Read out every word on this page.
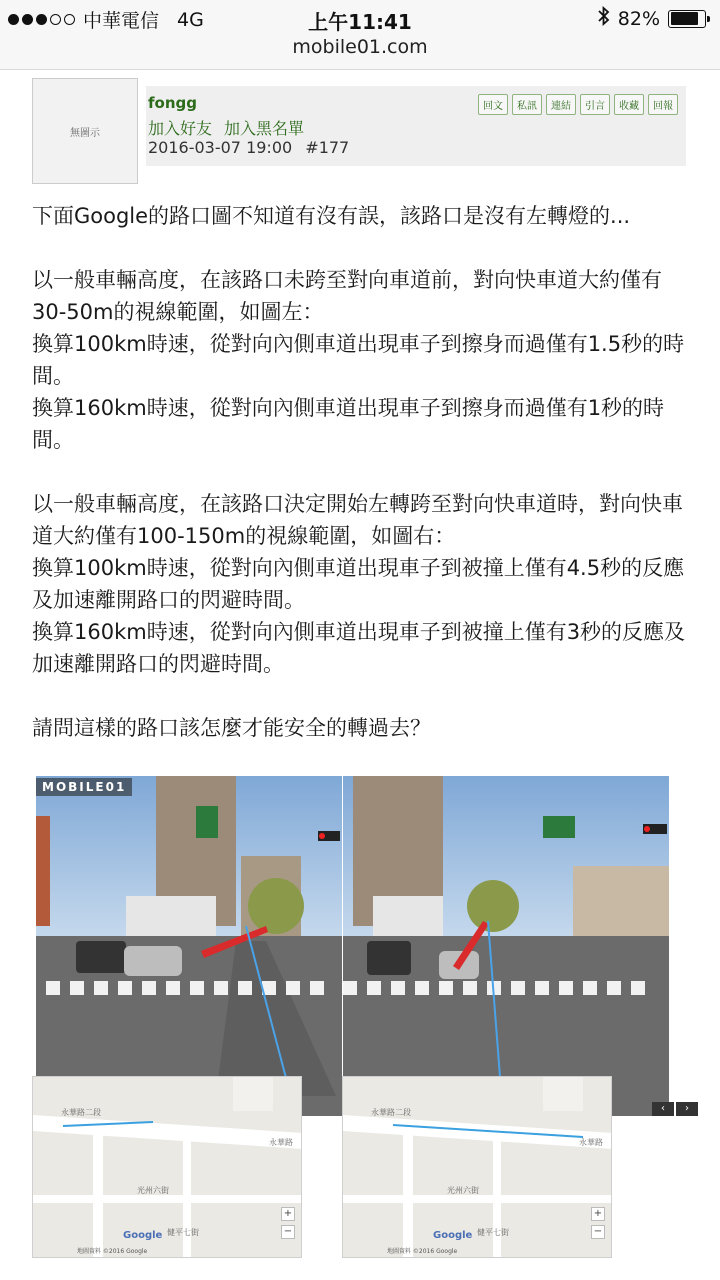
中華電信 4G	上午11:41	82%
mobile01.com
無圖示
fongg
加入好友 加入黑名單
2016-03-07 19:00 #177
回文	私訊	連結	引言	收藏	回報

下面Google的路口圖不知道有沒有誤，該路口是沒有左轉燈的...

以一般車輛高度，在該路口未跨至對向車道前，對向快車道大約僅有30-50m的視線範圍，如圖左：

換算100km時速，從對向內側車道出現車子到擦身而過僅有1.5秒的時間。

換算160km時速，從對向內側車道出現車子到擦身而過僅有1秒的時間。

以一般車輛高度，在該路口決定開始左轉跨至對向快車道時，對向快車道大約僅有100-150m的視線範圍，如圖右：

換算100km時速，從對向內側車道出現車子到被撞上僅有4.5秒的反應及加速離開路口的閃避時間。

換算160km時速，從對向內側車道出現車子到被撞上僅有3秒的反應及加速離開路口的閃避時間。

請問這樣的路口該怎麼才能安全的轉過去？

MOBILE01
永華路二段
永華路
光州六街
健平七街
+
−
Google
地圖資料 ©2016 Google
永華路二段
永華路
光州六街
健平七街
+
−
Google
地圖資料 ©2016 Google
‹	›
